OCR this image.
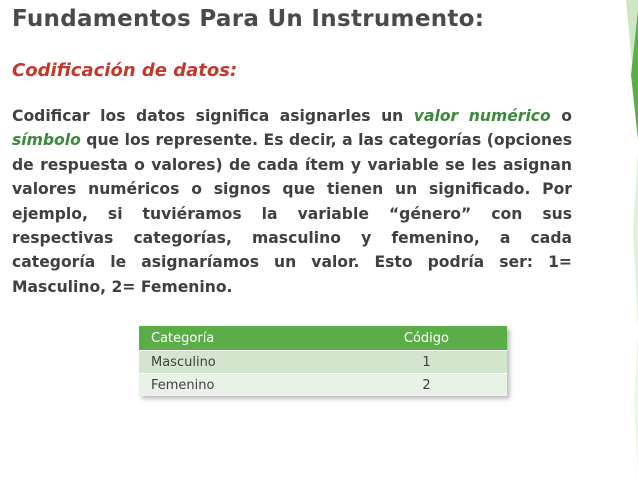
Fundamentos Para Un Instrumento:
Codificación de datos:
Codificar los datos significa asignarles un valor numérico o símbolo que los represente. Es decir, a las categorías (opciones de respuesta o valores) de cada ítem y variable se les asignan valores numéricos o signos que tienen un significado. Por ejemplo, si tuviéramos la variable “género” con sus respectivas categorías, masculino y femenino, a cada categoría le asignaríamos un valor. Esto podría ser: 1= Masculino, 2= Femenino.
Categoría	Código
Masculino	1
Femenino	2
